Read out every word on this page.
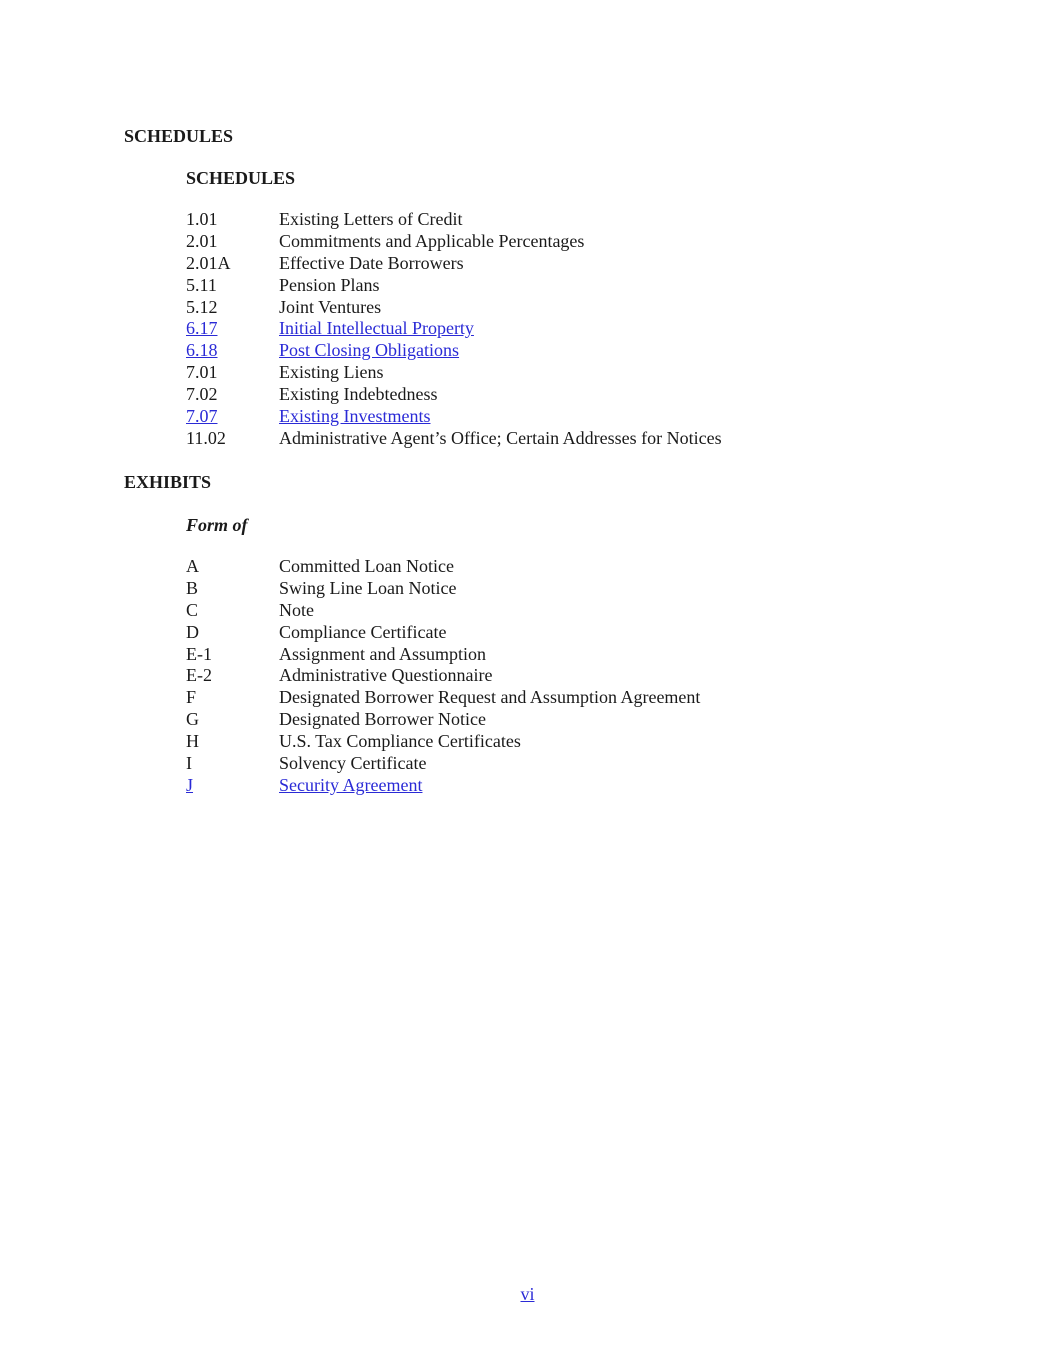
SCHEDULES
SCHEDULES
1.01	Existing Letters of Credit
2.01	Commitments and Applicable Percentages
2.01A	Effective Date Borrowers
5.11	Pension Plans
5.12	Joint Ventures
6.17	Initial Intellectual Property
6.18	Post Closing Obligations
7.01	Existing Liens
7.02	Existing Indebtedness
7.07	Existing Investments
11.02	Administrative Agent’s Office; Certain Addresses for Notices
EXHIBITS
Form of
A	Committed Loan Notice
B	Swing Line Loan Notice
C	Note
D	Compliance Certificate
E-1	Assignment and Assumption
E-2	Administrative Questionnaire
F	Designated Borrower Request and Assumption Agreement
G	Designated Borrower Notice
H	U.S. Tax Compliance Certificates
I	Solvency Certificate
J	Security Agreement
vi
